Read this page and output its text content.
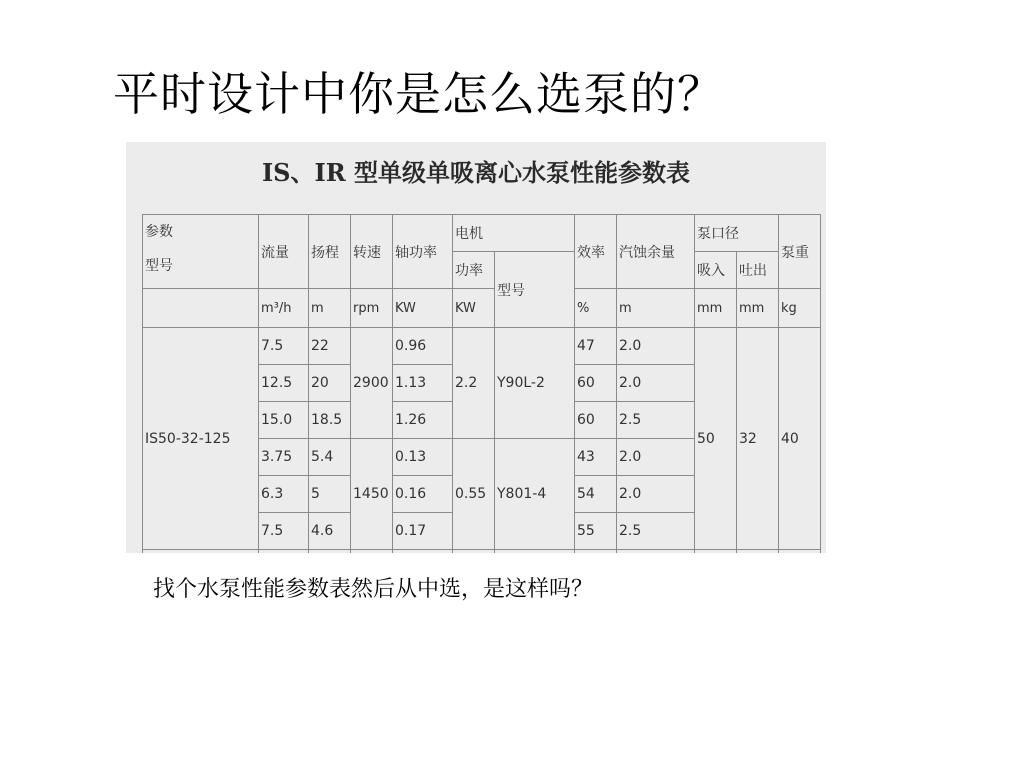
平时设计中你是怎么选泵的？
IS、IR 型单级单吸离心水泵性能参数表
参数
型号	流量	扬程	转速	轴功率	电机		效率	汽蚀余量	泵口径		泵重
					功率	型号			吸入	吐出	
	m³/h	m	rpm	KW	KW		%	m	mm	mm	kg
IS50-32-125	7.5	22	2900	0.96	2.2	Y90L-2	47	2.0	50	32	40
	12.5	20		1.13			60	2.0			
	15.0	18.5		1.26			60	2.5			
	3.75	5.4	1450	0.13	0.55	Y801-4	43	2.0			
	6.3	5		0.16			54	2.0			
	7.5	4.6		0.17			55	2.5			

找个水泵性能参数表然后从中选，是这样吗？
